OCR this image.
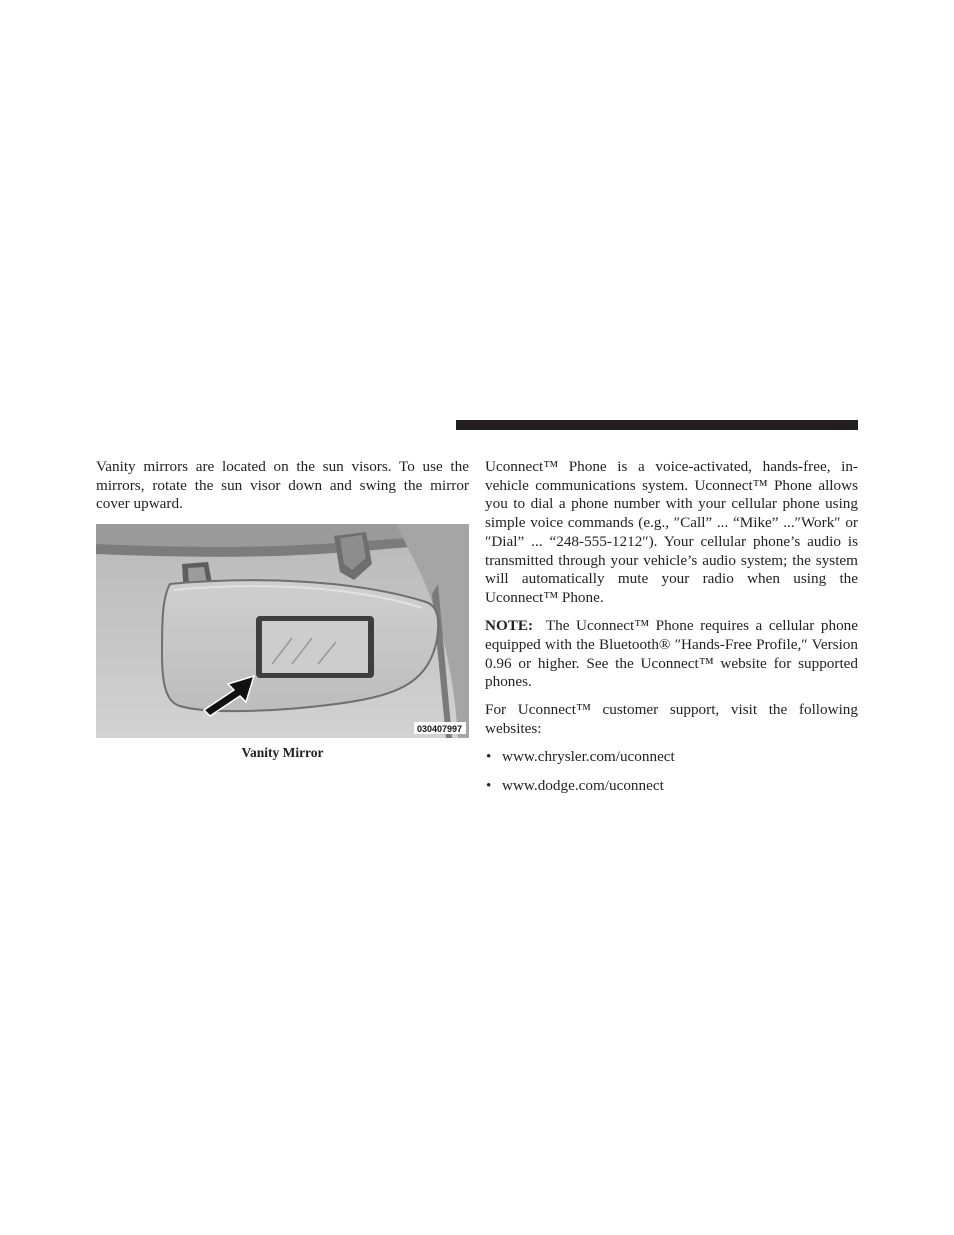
Vanity mirrors are located on the sun visors. To use the mirrors, rotate the sun visor down and swing the mirror cover upward.

030407997
Vanity Mirror

Uconnect™ Phone is a voice-activated, hands-free, in-vehicle communications system. Uconnect™ Phone allows you to dial a phone number with your cellular phone using simple voice commands (e.g., ″Call” ... “Mike” ...″Work″ or ″Dial” ... “248-555-1212″). Your cellular phone’s audio is transmitted through your vehicle’s audio system; the system will automatically mute your radio when using the Uconnect™ Phone.

NOTE: The Uconnect™ Phone requires a cellular phone equipped with the Bluetooth® ″Hands-Free Profile,″ Version 0.96 or higher. See the Uconnect™ website for supported phones.

For Uconnect™ customer support, visit the following websites:

• www.chrysler.com/uconnect
• www.dodge.com/uconnect
